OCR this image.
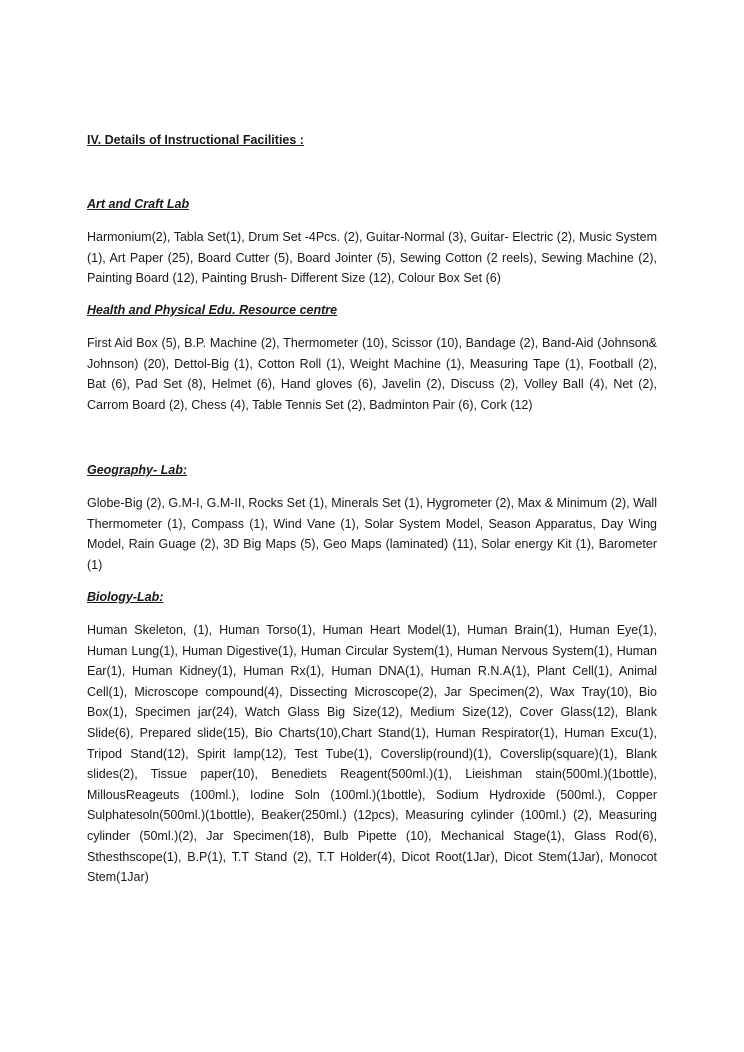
IV. Details of Instructional Facilities :
Art and Craft Lab

Harmonium(2), Tabla Set(1), Drum Set -4Pcs. (2), Guitar-Normal (3), Guitar- Electric (2), Music System (1), Art Paper (25), Board Cutter (5), Board Jointer (5), Sewing Cotton (2 reels), Sewing Machine (2), Painting Board (12), Painting Brush- Different Size (12), Colour Box Set (6)

Health and Physical Edu. Resource centre

First Aid Box (5), B.P. Machine (2), Thermometer (10), Scissor (10), Bandage (2), Band-Aid (Johnson& Johnson) (20), Dettol-Big (1), Cotton Roll (1), Weight Machine (1), Measuring Tape (1), Football (2), Bat (6), Pad Set (8), Helmet (6), Hand gloves (6), Javelin (2), Discuss (2), Volley Ball (4), Net (2), Carrom Board (2), Chess (4), Table Tennis Set (2), Badminton Pair (6), Cork (12)

Geography- Lab:

Globe-Big (2), G.M-I, G.M-II, Rocks Set (1), Minerals Set (1), Hygrometer (2), Max & Minimum (2), Wall Thermometer (1), Compass (1), Wind Vane (1), Solar System Model, Season Apparatus, Day Wing Model, Rain Guage (2), 3D Big Maps (5), Geo Maps (laminated) (11), Solar energy Kit (1), Barometer (1)

Biology-Lab:

Human Skeleton, (1), Human Torso(1), Human Heart Model(1), Human Brain(1), Human Eye(1), Human Lung(1), Human Digestive(1), Human Circular System(1), Human Nervous System(1), Human Ear(1), Human Kidney(1), Human Rx(1), Human DNA(1), Human R.N.A(1), Plant Cell(1), Animal Cell(1), Microscope compound(4), Dissecting Microscope(2), Jar Specimen(2), Wax Tray(10), Bio Box(1), Specimen jar(24), Watch Glass Big Size(12), Medium Size(12), Cover Glass(12), Blank Slide(6), Prepared slide(15), Bio Charts(10),Chart Stand(1), Human Respirator(1), Human Excu(1), Tripod Stand(12), Spirit lamp(12), Test Tube(1), Coverslip(round)(1), Coverslip(square)(1), Blank slides(2), Tissue paper(10), Benediets Reagent(500ml.)(1), Lieishman stain(500ml.)(1bottle), MillousReageuts (100ml.), Iodine Soln (100ml.)(1bottle), Sodium Hydroxide (500ml.), Copper Sulphatesoln(500ml.)(1bottle), Beaker(250ml.) (12pcs), Measuring cylinder (100ml.) (2), Measuring cylinder (50ml.)(2), Jar Specimen(18), Bulb Pipette (10), Mechanical Stage(1), Glass Rod(6), Sthesthscope(1), B.P(1), T.T Stand (2), T.T Holder(4), Dicot Root(1Jar), Dicot Stem(1Jar), Monocot Stem(1Jar)
